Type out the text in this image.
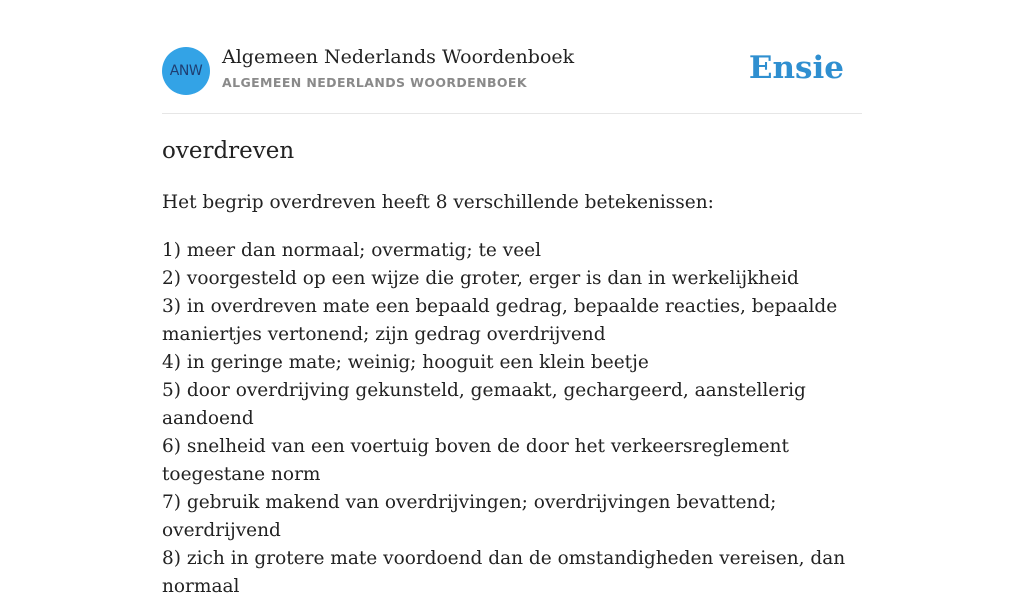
ANW
Algemeen Nederlands Woordenboek
ALGEMEEN NEDERLANDS WOORDENBOEK	Ensie
overdreven

Het begrip overdreven heeft 8 verschillende betekenissen:

1) meer dan normaal; overmatig; te veel
2) voorgesteld op een wijze die groter, erger is dan in werkelijkheid
3) in overdreven mate een bepaald gedrag, bepaalde reacties, bepaalde maniertjes vertonend; zijn gedrag overdrijvend
4) in geringe mate; weinig; hooguit een klein beetje
5) door overdrijving gekunsteld, gemaakt, gechargeerd, aanstellerig aandoend
6) snelheid van een voertuig boven de door het verkeersreglement toegestane norm
7) gebruik makend van overdrijvingen; overdrijvingen bevattend; overdrijvend
8) zich in grotere mate voordoend dan de omstandigheden vereisen, dan normaal
